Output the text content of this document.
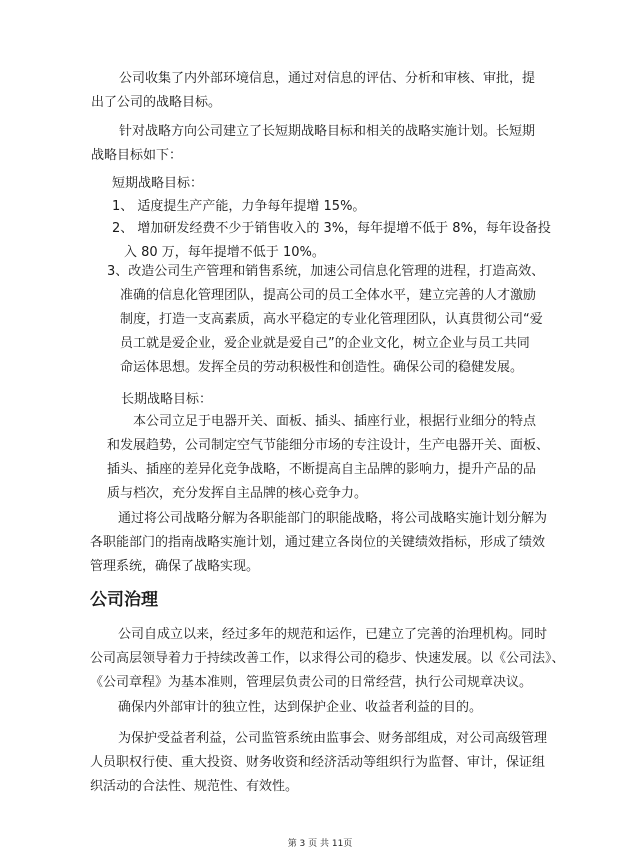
公司收集了内外部环境信息，通过对信息的评估、分析和审核、审批，提
出了公司的战略目标。
针对战略方向公司建立了长短期战略目标和相关的战略实施计划。长短期
战略目标如下：
短期战略目标：
1、 适度提生产产能，力争每年提增 15%。
2、 增加研发经费不少于销售收入的 3%，每年提增不低于 8%，每年设备投
入 80 万，每年提增不低于 10%。
3、改造公司生产管理和销售系统，加速公司信息化管理的进程，打造高效、
准确的信息化管理团队，提高公司的员工全体水平，建立完善的人才激励
制度，打造一支高素质，高水平稳定的专业化管理团队，认真贯彻公司“爱
员工就是爱企业，爱企业就是爱自己”的企业文化，树立企业与员工共同
命运体思想。发挥全员的劳动积极性和创造性。确保公司的稳健发展。
长期战略目标：
本公司立足于电器开关、面板、插头、插座行业，根据行业细分的特点
和发展趋势，公司制定空气节能细分市场的专注设计，生产电器开关、面板、
插头、插座的差异化竞争战略，不断提高自主品牌的影响力，提升产品的品
质与档次，充分发挥自主品牌的核心竞争力。
通过将公司战略分解为各职能部门的职能战略，将公司战略实施计划分解为
各职能部门的指南战略实施计划，通过建立各岗位的关键绩效指标，形成了绩效
管理系统，确保了战略实现。
公司治理
公司自成立以来，经过多年的规范和运作，已建立了完善的治理机构。同时
公司高层领导着力于持续改善工作，以求得公司的稳步、快速发展。以《公司法》、
《公司章程》为基本准则，管理层负责公司的日常经营，执行公司规章决议。
确保内外部审计的独立性，达到保护企业、收益者利益的目的。
为保护受益者利益，公司监管系统由监事会、财务部组成，对公司高级管理
人员职权行使、重大投资、财务收资和经济活动等组织行为监督、审计，保证组
织活动的合法性、规范性、有效性。
第 3 页 共 11页
